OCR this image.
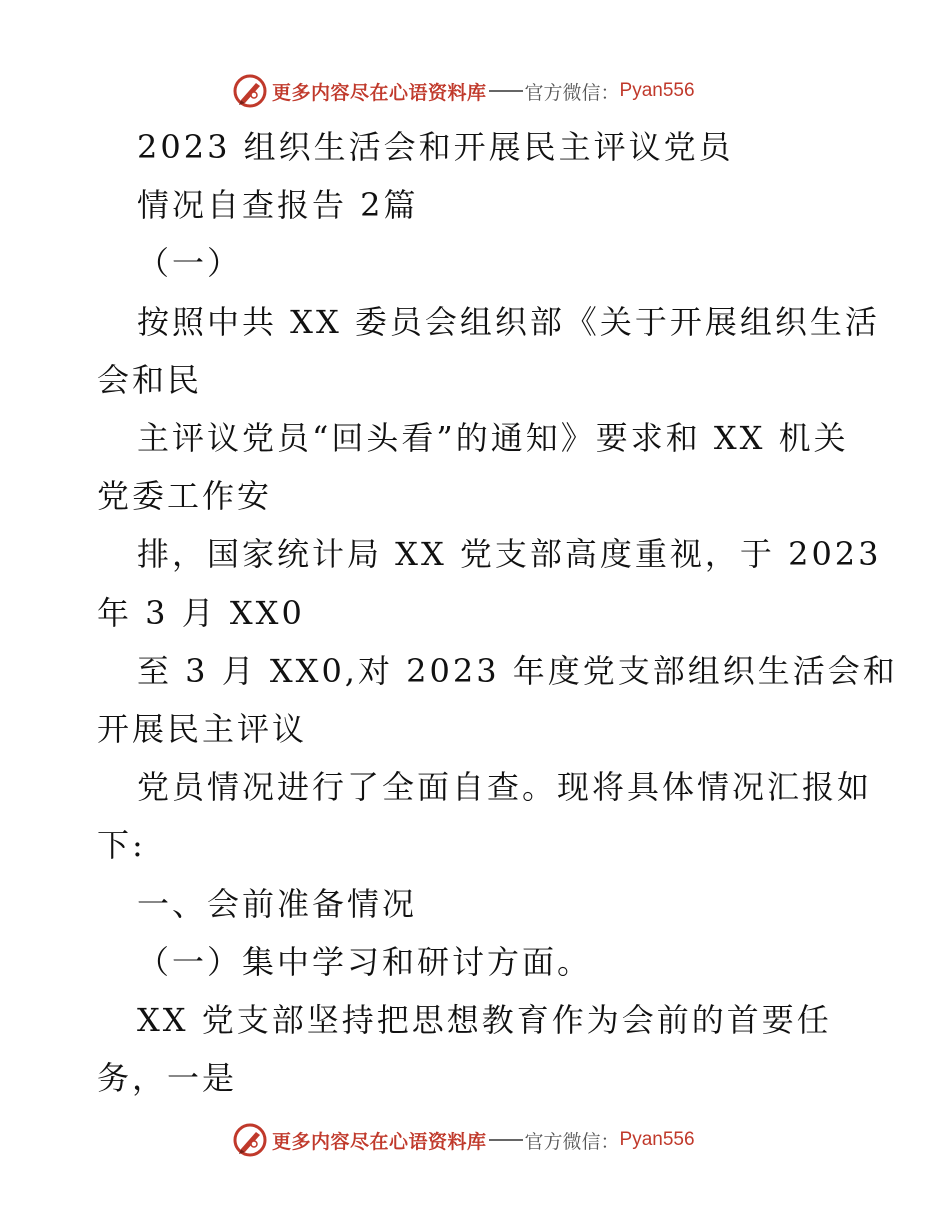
更多内容尽在心语资料库 官方微信： Pyan556
2023 组织生活会和开展民主评议党员
情况自查报告 2篇
（一）
按照中共 XX 委员会组织部《关于开展组织生活
会和民
主评议党员“回头看”的通知》要求和 XX 机关
党委工作安
排，国家统计局 XX 党支部高度重视，于 2023
年 3 月 XX0
至 3 月 XX0,对 2023 年度党支部组织生活会和
开展民主评议
党员情况进行了全面自查。现将具体情况汇报如
下:
一、会前准备情况
（一）集中学习和研讨方面。
XX 党支部坚持把思想教育作为会前的首要任
务，一是
更多内容尽在心语资料库 官方微信： Pyan556
